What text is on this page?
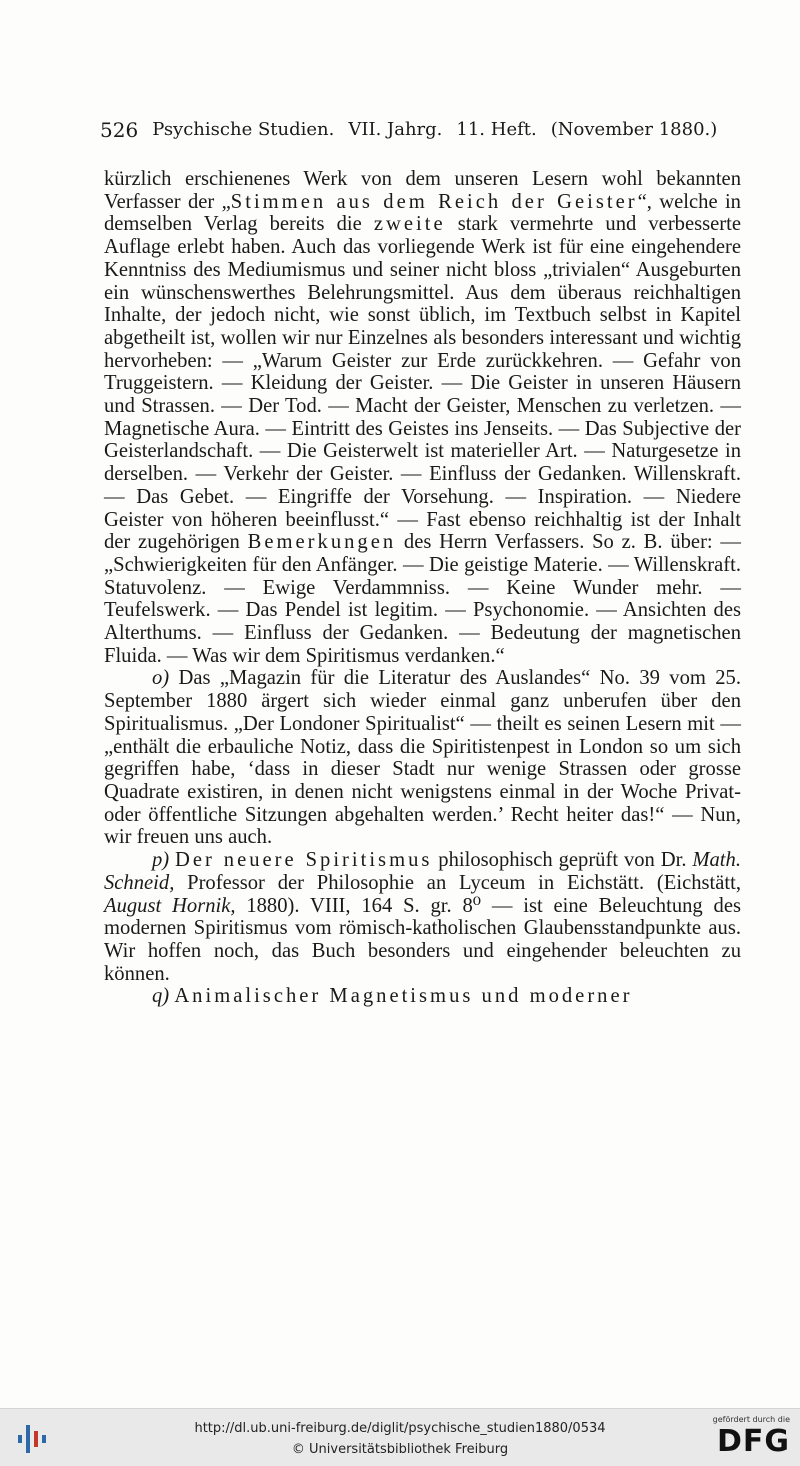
526 Psychische Studien. VII. Jahrg. 11. Heft. (November 1880.)

kürzlich erschienenes Werk von dem unseren Lesern wohl bekannten Verfasser der „Stimmen aus dem Reich der Geister“, welche in demselben Verlag bereits die zweite stark vermehrte und verbesserte Auflage erlebt haben. Auch das vorliegende Werk ist für eine eingehendere Kenntniss des Mediumismus und seiner nicht bloss „trivialen“ Ausgeburten ein wünschenswerthes Belehrungsmittel. Aus dem überaus reichhaltigen Inhalte, der jedoch nicht, wie sonst üblich, im Textbuch selbst in Kapitel abgetheilt ist, wollen wir nur Einzelnes als besonders interessant und wichtig hervorheben: — „Warum Geister zur Erde zurückkehren. — Gefahr von Truggeistern. — Kleidung der Geister. — Die Geister in unseren Häusern und Strassen. — Der Tod. — Macht der Geister, Menschen zu verletzen. — Magnetische Aura. — Eintritt des Geistes ins Jenseits. — Das Subjective der Geisterlandschaft. — Die Geisterwelt ist materieller Art. — Naturgesetze in derselben. — Verkehr der Geister. — Einfluss der Gedanken. Willenskraft. — Das Gebet. — Eingriffe der Vorsehung. — Inspiration. — Niedere Geister von höheren beeinflusst.“ — Fast ebenso reichhaltig ist der Inhalt der zugehörigen Bemerkungen des Herrn Verfassers. So z. B. über: — „Schwierigkeiten für den Anfänger. — Die geistige Materie. — Willenskraft. Statuvolenz. — Ewige Verdammniss. — Keine Wunder mehr. — Teufelswerk. — Das Pendel ist legitim. — Psychonomie. — Ansichten des Alterthums. — Einfluss der Gedanken. — Bedeutung der magnetischen Fluida. — Was wir dem Spiritismus verdanken.“

o) Das „Magazin für die Literatur des Auslandes“ No. 39 vom 25. September 1880 ärgert sich wieder einmal ganz unberufen über den Spiritualismus. „Der Londoner Spiritualist“ — theilt es seinen Lesern mit — „enthält die erbauliche Notiz, dass die Spiritistenpest in London so um sich gegriffen habe, ‘dass in dieser Stadt nur wenige Strassen oder grosse Quadrate existiren, in denen nicht wenigstens einmal in der Woche Privat- oder öffentliche Sitzungen abgehalten werden.’ Recht heiter das!“ — Nun, wir freuen uns auch.

p) Der neuere Spiritismus philosophisch geprüft von Dr. Math. Schneid, Professor der Philosophie an Lyceum in Eichstätt. (Eichstätt, August Hornik, 1880). VIII, 164 S. gr. 8⁰ — ist eine Beleuchtung des modernen Spiritismus vom römisch-katholischen Glaubensstandpunkte aus. Wir hoffen noch, das Buch besonders und eingehender beleuchten zu können.

q) Animalischer Magnetismus und moderner

http://dl.ub.uni-freiburg.de/diglit/psychische_studien1880/0534
© Universitätsbibliothek Freiburg
gefördert durch die
DFG
